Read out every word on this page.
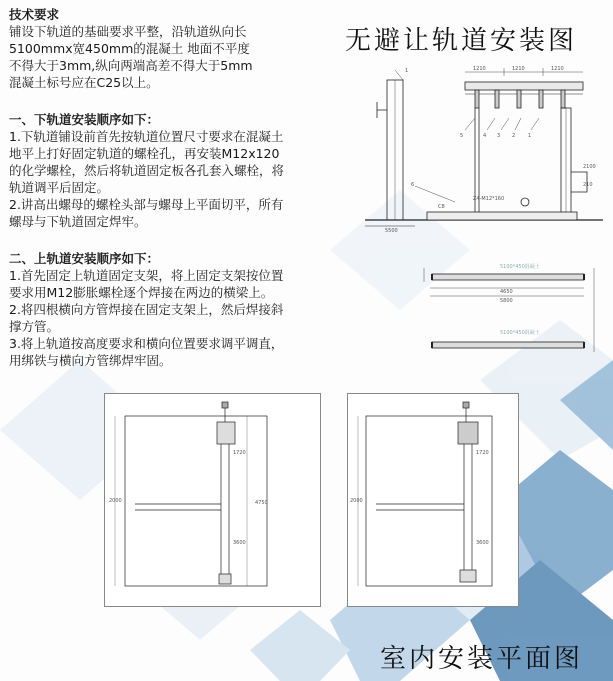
技术要求

铺设下轨道的基础要求平整，沿轨道纵向长

5100mmx宽450mm的混凝土 地面不平度

不得大于3mm,纵向两端高差不得大于5mm

混凝土标号应在C25以上。

一、下轨道安装顺序如下：

1.下轨道铺设前首先按轨道位置尺寸要求在混凝土

地平上打好固定轨道的螺栓孔，再安装M12x120

的化学螺栓，然后将轨道固定板各孔套入螺栓，将

轨道调平后固定。

2.讲高出螺母的螺栓头部与螺母上平面切平，所有

螺母与下轨道固定焊牢。

二、上轨道安装顺序如下：

1.首先固定上轨道固定支架，将上固定支架按位置

要求用M12膨胀螺栓逐个焊接在两边的横梁上。

2.将四根横向方管焊接在固定支架上，然后焊接斜

撑方管。

3.将上轨道按高度要求和横向位置要求调平调直，

用绑铁与横向方管绑焊牢固。

无避让轨道安装图
室内安装平面图
1210	1210	1210
5	4 3 2	1
1
6
Z4-M12*160
C8
210
2100
5500
5100*450混凝土
5100*450混凝土
4650
5800
1720
3600
2000	4750
1720
3600
2000
